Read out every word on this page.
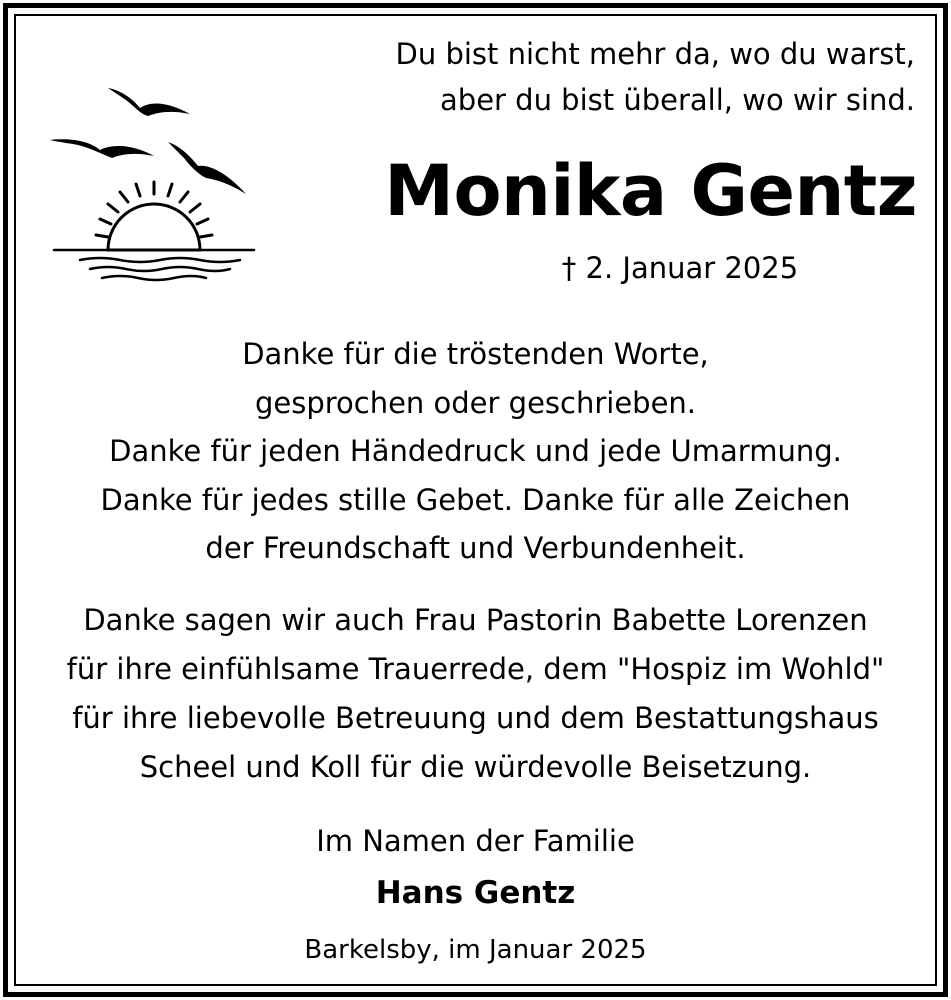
Du bist nicht mehr da, wo du warst,
aber du bist überall, wo wir sind.
Monika Gentz
† 2. Januar 2025
Danke für die tröstenden Worte,
gesprochen oder geschrieben.
Danke für jeden Händedruck und jede Umarmung.
Danke für jedes stille Gebet. Danke für alle Zeichen
der Freundschaft und Verbundenheit.
Danke sagen wir auch Frau Pastorin Babette Lorenzen
für ihre einfühlsame Trauerrede, dem "Hospiz im Wohld"
für ihre liebevolle Betreuung und dem Bestattungshaus
Scheel und Koll für die würdevolle Beisetzung.
Im Namen der Familie
Hans Gentz
Barkelsby, im Januar 2025
